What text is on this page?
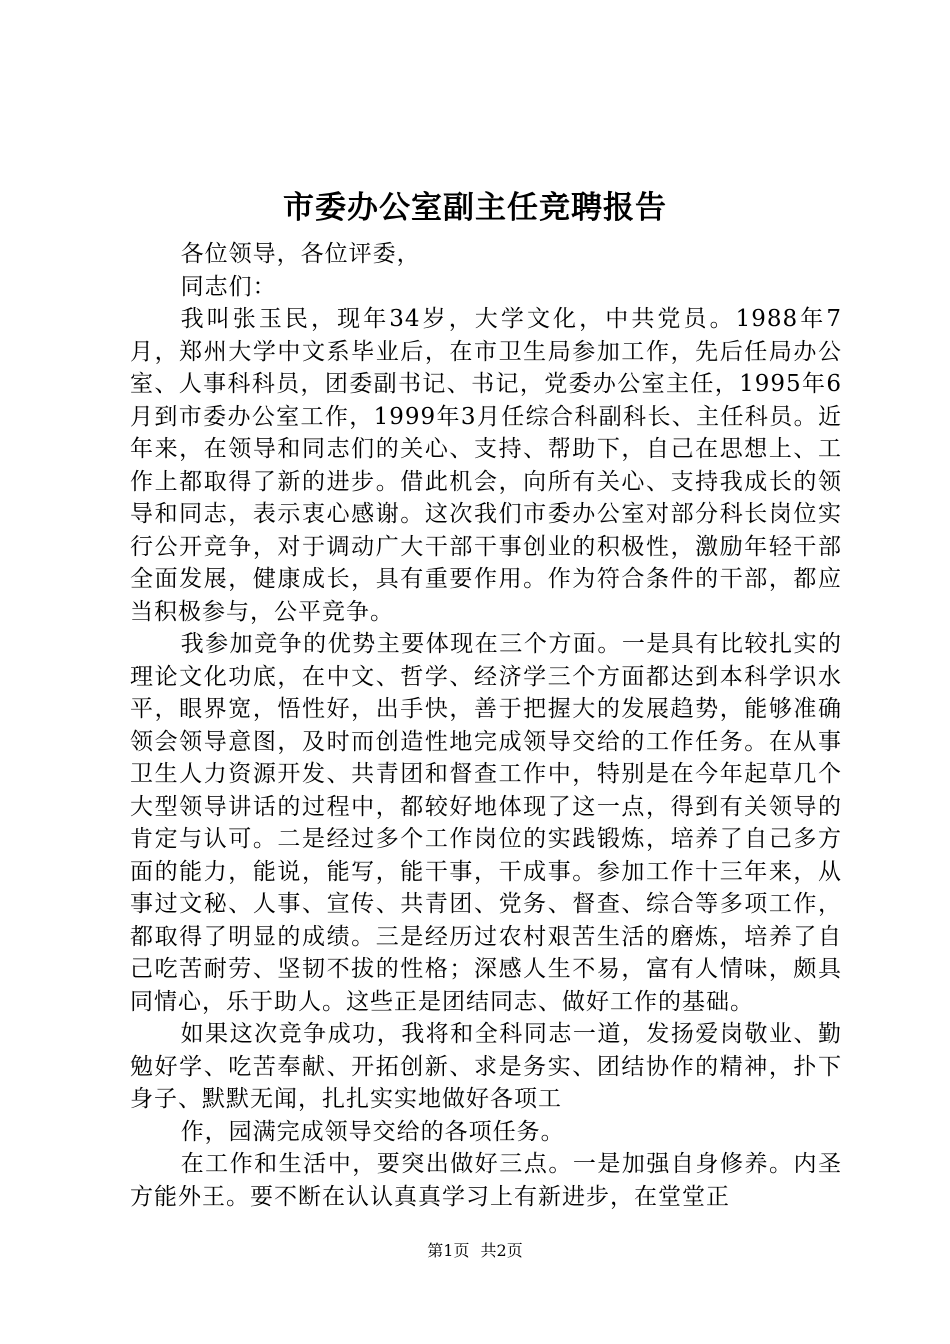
市委办公室副主任竞聘报告

各位领导，各位评委，

同志们：

我叫张玉民，现年34岁，大学文化，中共党员。1988年7月，郑州大学中文系毕业后，在市卫生局参加工作，先后任局办公室、人事科科员，团委副书记、书记，党委办公室主任，1995年6月到市委办公室工作，1999年3月任综合科副科长、主任科员。近年来，在领导和同志们的关心、支持、帮助下，自己在思想上、工作上都取得了新的进步。借此机会，向所有关心、支持我成长的领导和同志，表示衷心感谢。这次我们市委办公室对部分科长岗位实行公开竞争，对于调动广大干部干事创业的积极性，激励年轻干部全面发展，健康成长，具有重要作用。作为符合条件的干部，都应当积极参与，公平竞争。

我参加竞争的优势主要体现在三个方面。一是具有比较扎实的理论文化功底，在中文、哲学、经济学三个方面都达到本科学识水平，眼界宽，悟性好，出手快，善于把握大的发展趋势，能够准确领会领导意图，及时而创造性地完成领导交给的工作任务。在从事卫生人力资源开发、共青团和督查工作中，特别是在今年起草几个大型领导讲话的过程中，都较好地体现了这一点，得到有关领导的肯定与认可。二是经过多个工作岗位的实践锻炼，培养了自己多方面的能力，能说，能写，能干事，干成事。参加工作十三年来，从事过文秘、人事、宣传、共青团、党务、督查、综合等多项工作，都取得了明显的成绩。三是经历过农村艰苦生活的磨炼，培养了自己吃苦耐劳、坚韧不拔的性格；深感人生不易，富有人情味，颇具同情心，乐于助人。这些正是团结同志、做好工作的基础。

如果这次竞争成功，我将和全科同志一道，发扬爱岗敬业、勤勉好学、吃苦奉献、开拓创新、求是务实、团结协作的精神，扑下身子、默默无闻，扎扎实实地做好各项工

作，园满完成领导交给的各项任务。

在工作和生活中，要突出做好三点。一是加强自身修养。内圣方能外王。要不断在认认真真学习上有新进步，在堂堂正

第1页 共2页
